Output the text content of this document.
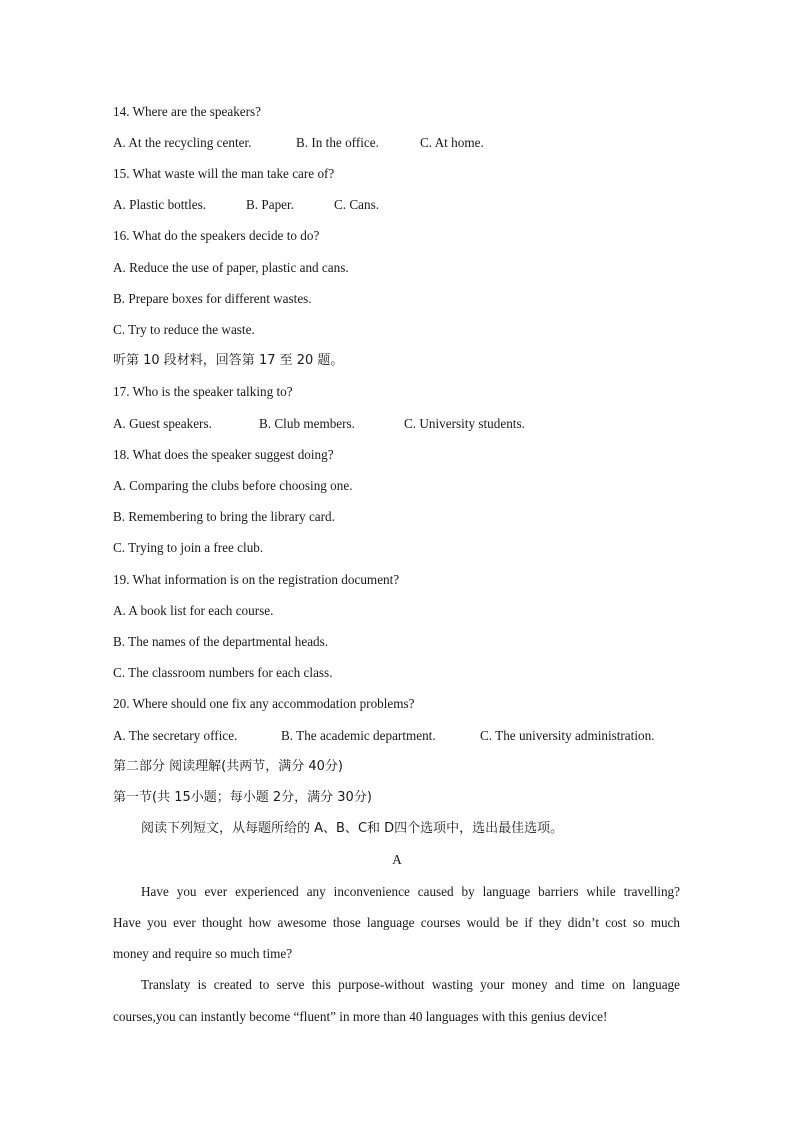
14. Where are the speakers?
A. At the recycling center.	B. In the office.	C. At home.
15. What waste will the man take care of?
A. Plastic bottles.	B. Paper.	C. Cans.
16. What do the speakers decide to do?
A. Reduce the use of paper, plastic and cans.
B. Prepare boxes for different wastes.
C. Try to reduce the waste.
听第 10 段材料，回答第 17 至 20 题。
17. Who is the speaker talking to?
A. Guest speakers.	B. Club members.	C. University students.
18. What does the speaker suggest doing?
A. Comparing the clubs before choosing one.
B. Remembering to bring the library card.
C. Trying to join a free club.
19. What information is on the registration document?
A. A book list for each course.
B. The names of the departmental heads.
C. The classroom numbers for each class.
20. Where should one fix any accommodation problems?
A. The secretary office.	B. The academic department.	C. The university administration.
第二部分 阅读理解(共两节，满分 40分)
第一节(共 15小题；每小题 2分，满分 30分)
阅读下列短文，从每题所给的 A、B、C和 D四个选项中，选出最佳选项。
A
Have you ever experienced any inconvenience caused by language barriers while travelling?
Have you ever thought how awesome those language courses would be if they didn’t cost so much
money and require so much time?
Translaty is created to serve this purpose-without wasting your money and time on language
courses,you can instantly become “fluent” in more than 40 languages with this genius device!
